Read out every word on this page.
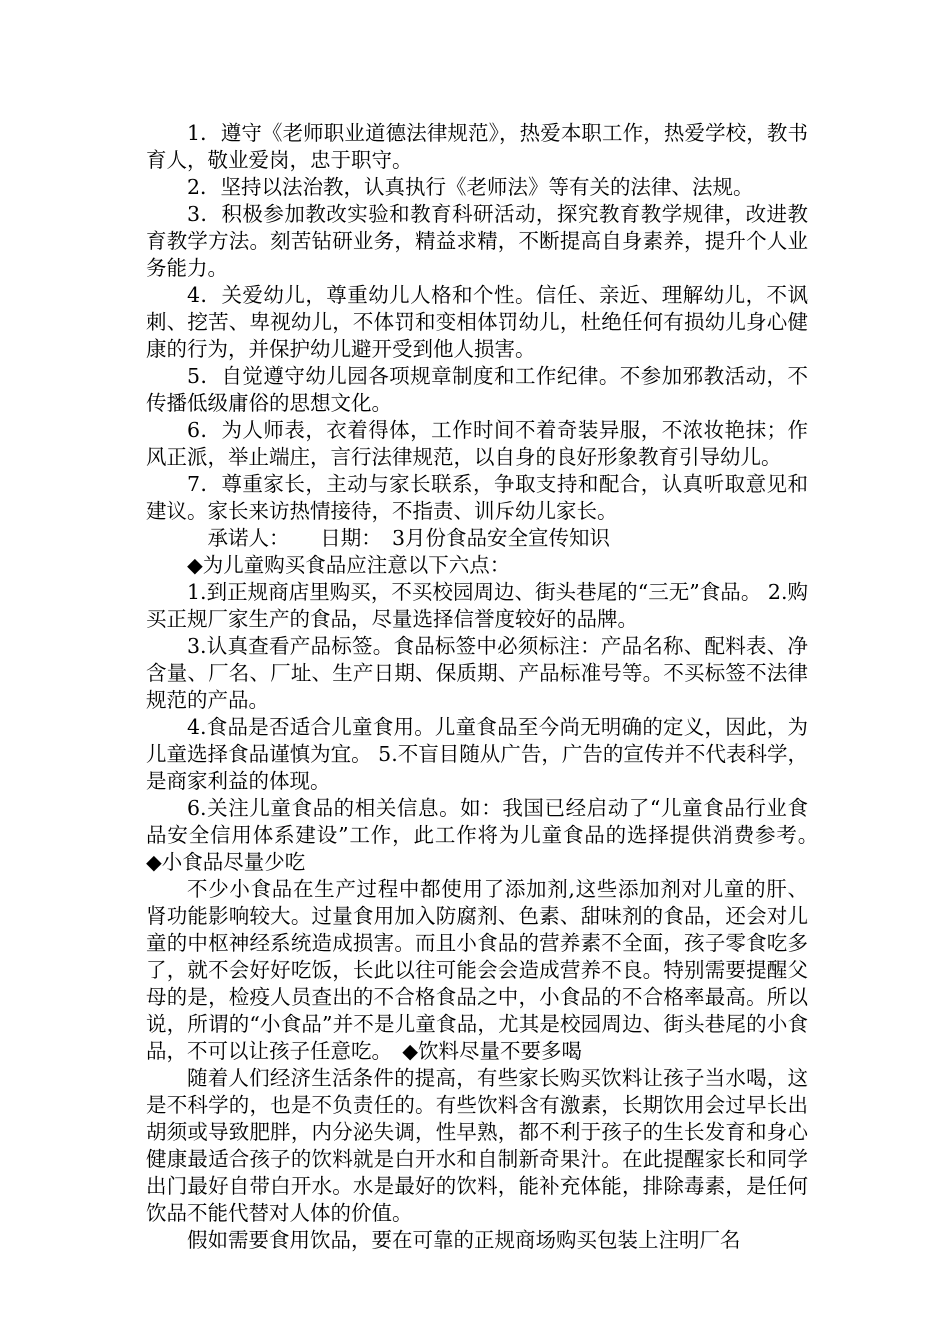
1．遵守《老师职业道德法律规范》，热爱本职工作，热爱学校，教书育人，敬业爱岗，忠于职守。

2．坚持以法治教，认真执行《老师法》等有关的法律、法规。

3．积极参加教改实验和教育科研活动，探究教育教学规律，改进教育教学方法。刻苦钻研业务，精益求精，不断提高自身素养，提升个人业务能力。

4．关爱幼儿，尊重幼儿人格和个性。信任、亲近、理解幼儿，不讽刺、挖苦、卑视幼儿，不体罚和变相体罚幼儿，杜绝任何有损幼儿身心健康的行为，并保护幼儿避开受到他人损害。

5．自觉遵守幼儿园各项规章制度和工作纪律。不参加邪教活动，不传播低级庸俗的思想文化。

6．为人师表，衣着得体，工作时间不着奇装异服，不浓妆艳抹；作风正派，举止端庄，言行法律规范，以自身的良好形象教育引导幼儿。

7．尊重家长，主动与家长联系，争取支持和配合，认真听取意见和建议。家长来访热情接待，不指责、训斥幼儿家长。

承诺人：　　日期：　3月份食品安全宣传知识

◆为儿童购买食品应注意以下六点：

1.到正规商店里购买，不买校园周边、街头巷尾的“三无”食品。 2.购买正规厂家生产的食品，尽量选择信誉度较好的品牌。

3.认真查看产品标签。食品标签中必须标注：产品名称、配料表、净含量、厂名、厂址、生产日期、保质期、产品标准号等。不买标签不法律规范的产品。

4.食品是否适合儿童食用。儿童食品至今尚无明确的定义，因此，为儿童选择食品谨慎为宜。 5.不盲目随从广告，广告的宣传并不代表科学，是商家利益的体现。

6.关注儿童食品的相关信息。如：我国已经启动了“儿童食品行业食品安全信用体系建设”工作，此工作将为儿童食品的选择提供消费参考。　◆小食品尽量少吃

不少小食品在生产过程中都使用了添加剂,这些添加剂对儿童的肝、肾功能影响较大。过量食用加入防腐剂、色素、甜味剂的食品，还会对儿童的中枢神经系统造成损害。而且小食品的营养素不全面，孩子零食吃多了，就不会好好吃饭，长此以往可能会会造成营养不良。特别需要提醒父母的是，检疫人员查出的不合格食品之中，小食品的不合格率最高。所以说，所谓的“小食品”并不是儿童食品，尤其是校园周边、街头巷尾的小食品，不可以让孩子任意吃。　◆饮料尽量不要多喝

随着人们经济生活条件的提高，有些家长购买饮料让孩子当水喝，这是不科学的，也是不负责任的。有些饮料含有激素，长期饮用会过早长出胡须或导致肥胖，内分泌失调，性早熟，都不利于孩子的生长发育和身心健康最适合孩子的饮料就是白开水和自制新奇果汁。在此提醒家长和同学出门最好自带白开水。水是最好的饮料，能补充体能，排除毒素，是任何饮品不能代替对人体的价值。

假如需要食用饮品，要在可靠的正规商场购买包装上注明厂名
